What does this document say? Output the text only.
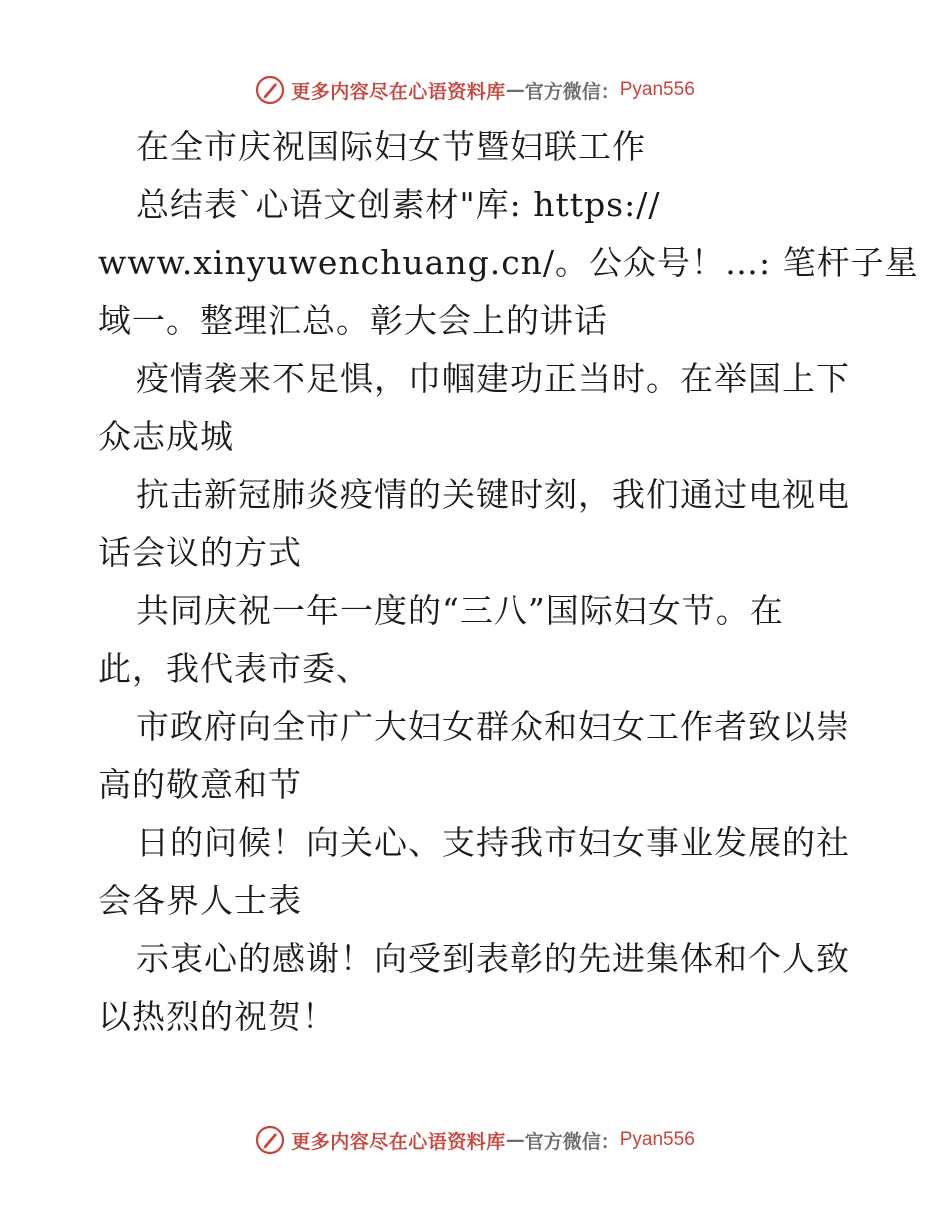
更多内容尽在心语资料库 — 官方微信： Pyan556
在全市庆祝国际妇女节暨妇联工作
总结表`心语文创素材"库: https://
www.xinyuwenchuang.cn/。公众号！…: 笔杆子星
域一。整理汇总。彰大会上的讲话
疫情袭来不足惧，巾帼建功正当时。在举国上下
众志成城
抗击新冠肺炎疫情的关键时刻，我们通过电视电
话会议的方式
共同庆祝一年一度的“三八”国际妇女节。在
此，我代表市委、
市政府向全市广大妇女群众和妇女工作者致以崇
高的敬意和节
日的问候！向关心、支持我市妇女事业发展的社
会各界人士表
示衷心的感谢！向受到表彰的先进集体和个人致
以热烈的祝贺！
更多内容尽在心语资料库 — 官方微信： Pyan556
